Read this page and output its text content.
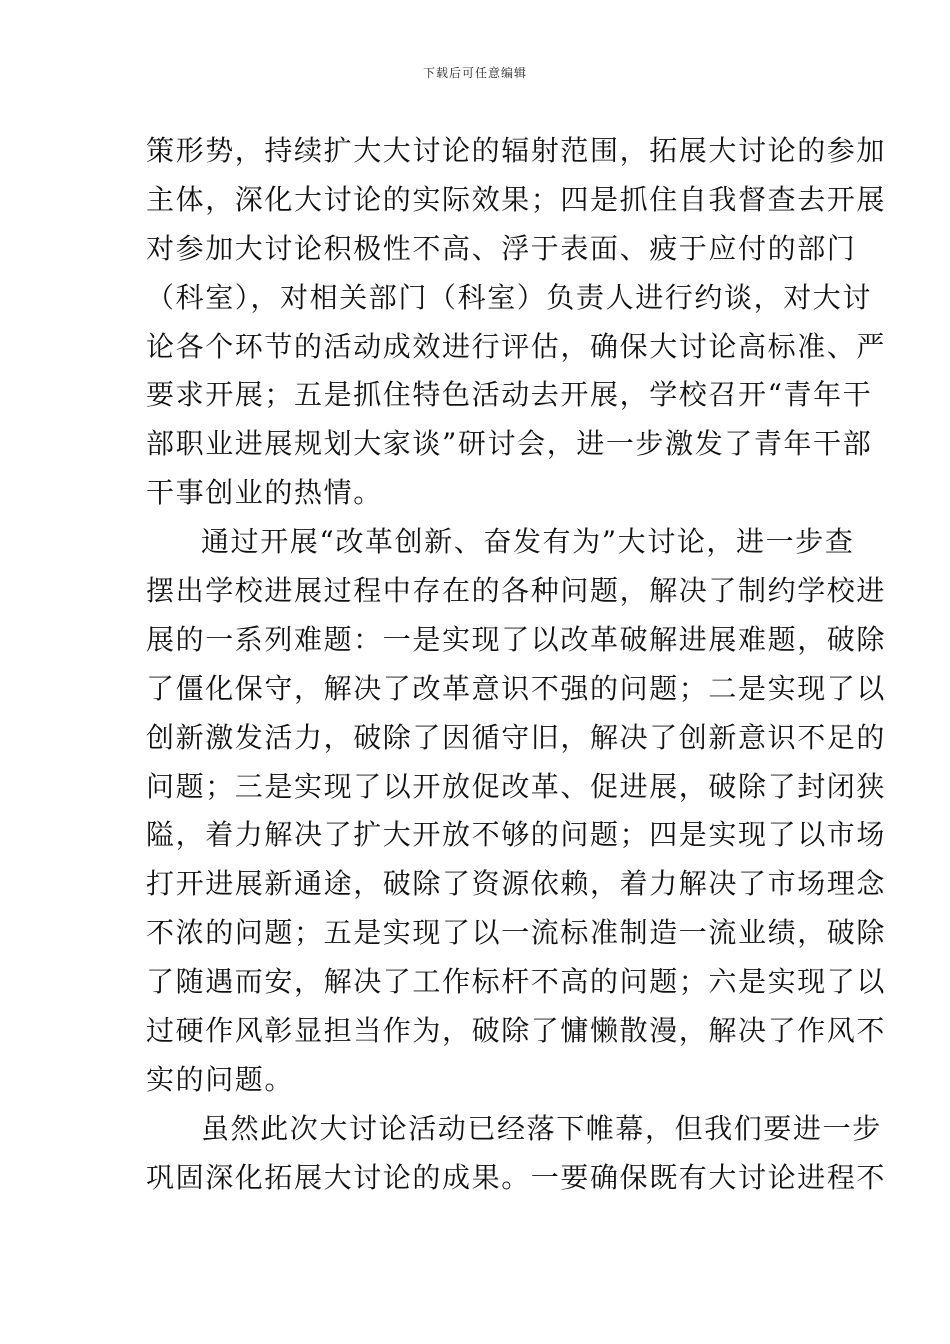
下载后可任意编辑
策形势，持续扩大大讨论的辐射范围，拓展大讨论的参加
主体，深化大讨论的实际效果；四是抓住自我督查去开展
对参加大讨论积极性不高、浮于表面、疲于应付的部门
（科室），对相关部门（科室）负责人进行约谈，对大讨
论各个环节的活动成效进行评估，确保大讨论高标准、严
要求开展；五是抓住特色活动去开展，学校召开“青年干
部职业进展规划大家谈”研讨会，进一步激发了青年干部
干事创业的热情。
通过开展“改革创新、奋发有为”大讨论，进一步查
摆出学校进展过程中存在的各种问题，解决了制约学校进
展的一系列难题：一是实现了以改革破解进展难题，破除
了僵化保守，解决了改革意识不强的问题；二是实现了以
创新激发活力，破除了因循守旧，解决了创新意识不足的
问题；三是实现了以开放促改革、促进展，破除了封闭狭
隘，着力解决了扩大开放不够的问题；四是实现了以市场
打开进展新通途，破除了资源依赖，着力解决了市场理念
不浓的问题；五是实现了以一流标准制造一流业绩，破除
了随遇而安，解决了工作标杆不高的问题；六是实现了以
过硬作风彰显担当作为，破除了慵懒散漫，解决了作风不
实的问题。
虽然此次大讨论活动已经落下帷幕，但我们要进一步
巩固深化拓展大讨论的成果。一要确保既有大讨论进程不
